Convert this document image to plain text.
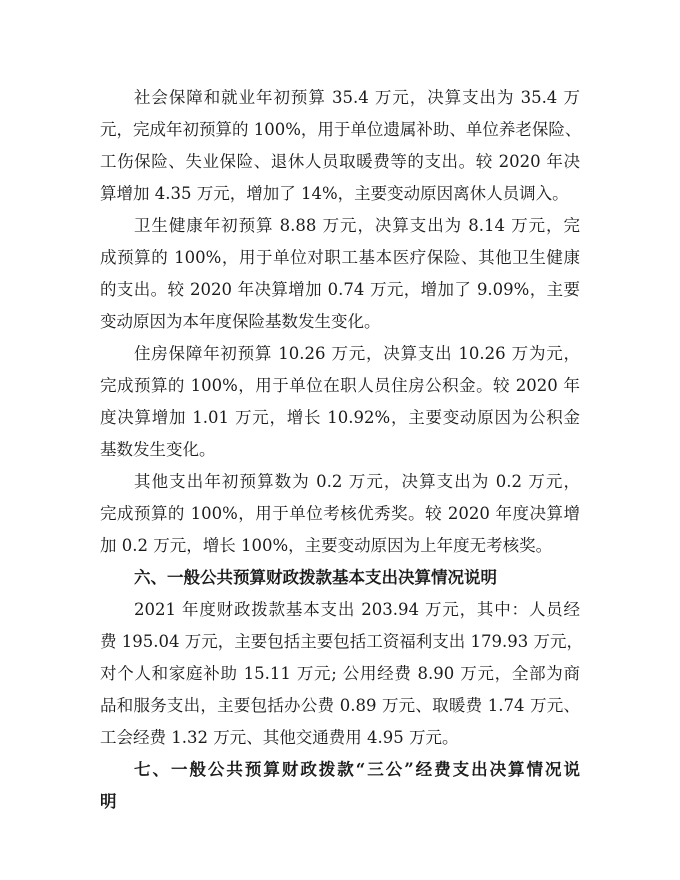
社会保障和就业年初预算 35.4 万元，决算支出为 35.4 万
元，完成年初预算的 100%，用于单位遗属补助、单位养老保险、
工伤保险、失业保险、退休人员取暖费等的支出。较 2020 年决
算增加 4.35 万元，增加了 14%，主要变动原因离休人员调入。
卫生健康年初预算 8.88 万元，决算支出为 8.14 万元，完
成预算的 100%，用于单位对职工基本医疗保险、其他卫生健康
的支出。较 2020 年决算增加 0.74 万元，增加了 9.09%，主要
变动原因为本年度保险基数发生变化。
住房保障年初预算 10.26 万元，决算支出 10.26 万为元，
完成预算的 100%，用于单位在职人员住房公积金。较 2020 年
度决算增加 1.01 万元，增长 10.92%，主要变动原因为公积金
基数发生变化。
其他支出年初预算数为 0.2 万元，决算支出为 0.2 万元，
完成预算的 100%，用于单位考核优秀奖。较 2020 年度决算增
加 0.2 万元，增长 100%，主要变动原因为上年度无考核奖。
六、一般公共预算财政拨款基本支出决算情况说明
2021 年度财政拨款基本支出 203.94 万元，其中：人员经
费 195.04 万元，主要包括主要包括工资福利支出 179.93 万元，
对个人和家庭补助 15.11 万元; 公用经费 8.90 万元，全部为商
品和服务支出，主要包括办公费 0.89 万元、取暖费 1.74 万元、
工会经费 1.32 万元、其他交通费用 4.95 万元。
七、一般公共预算财政拨款“三公”经费支出决算情况说
明
